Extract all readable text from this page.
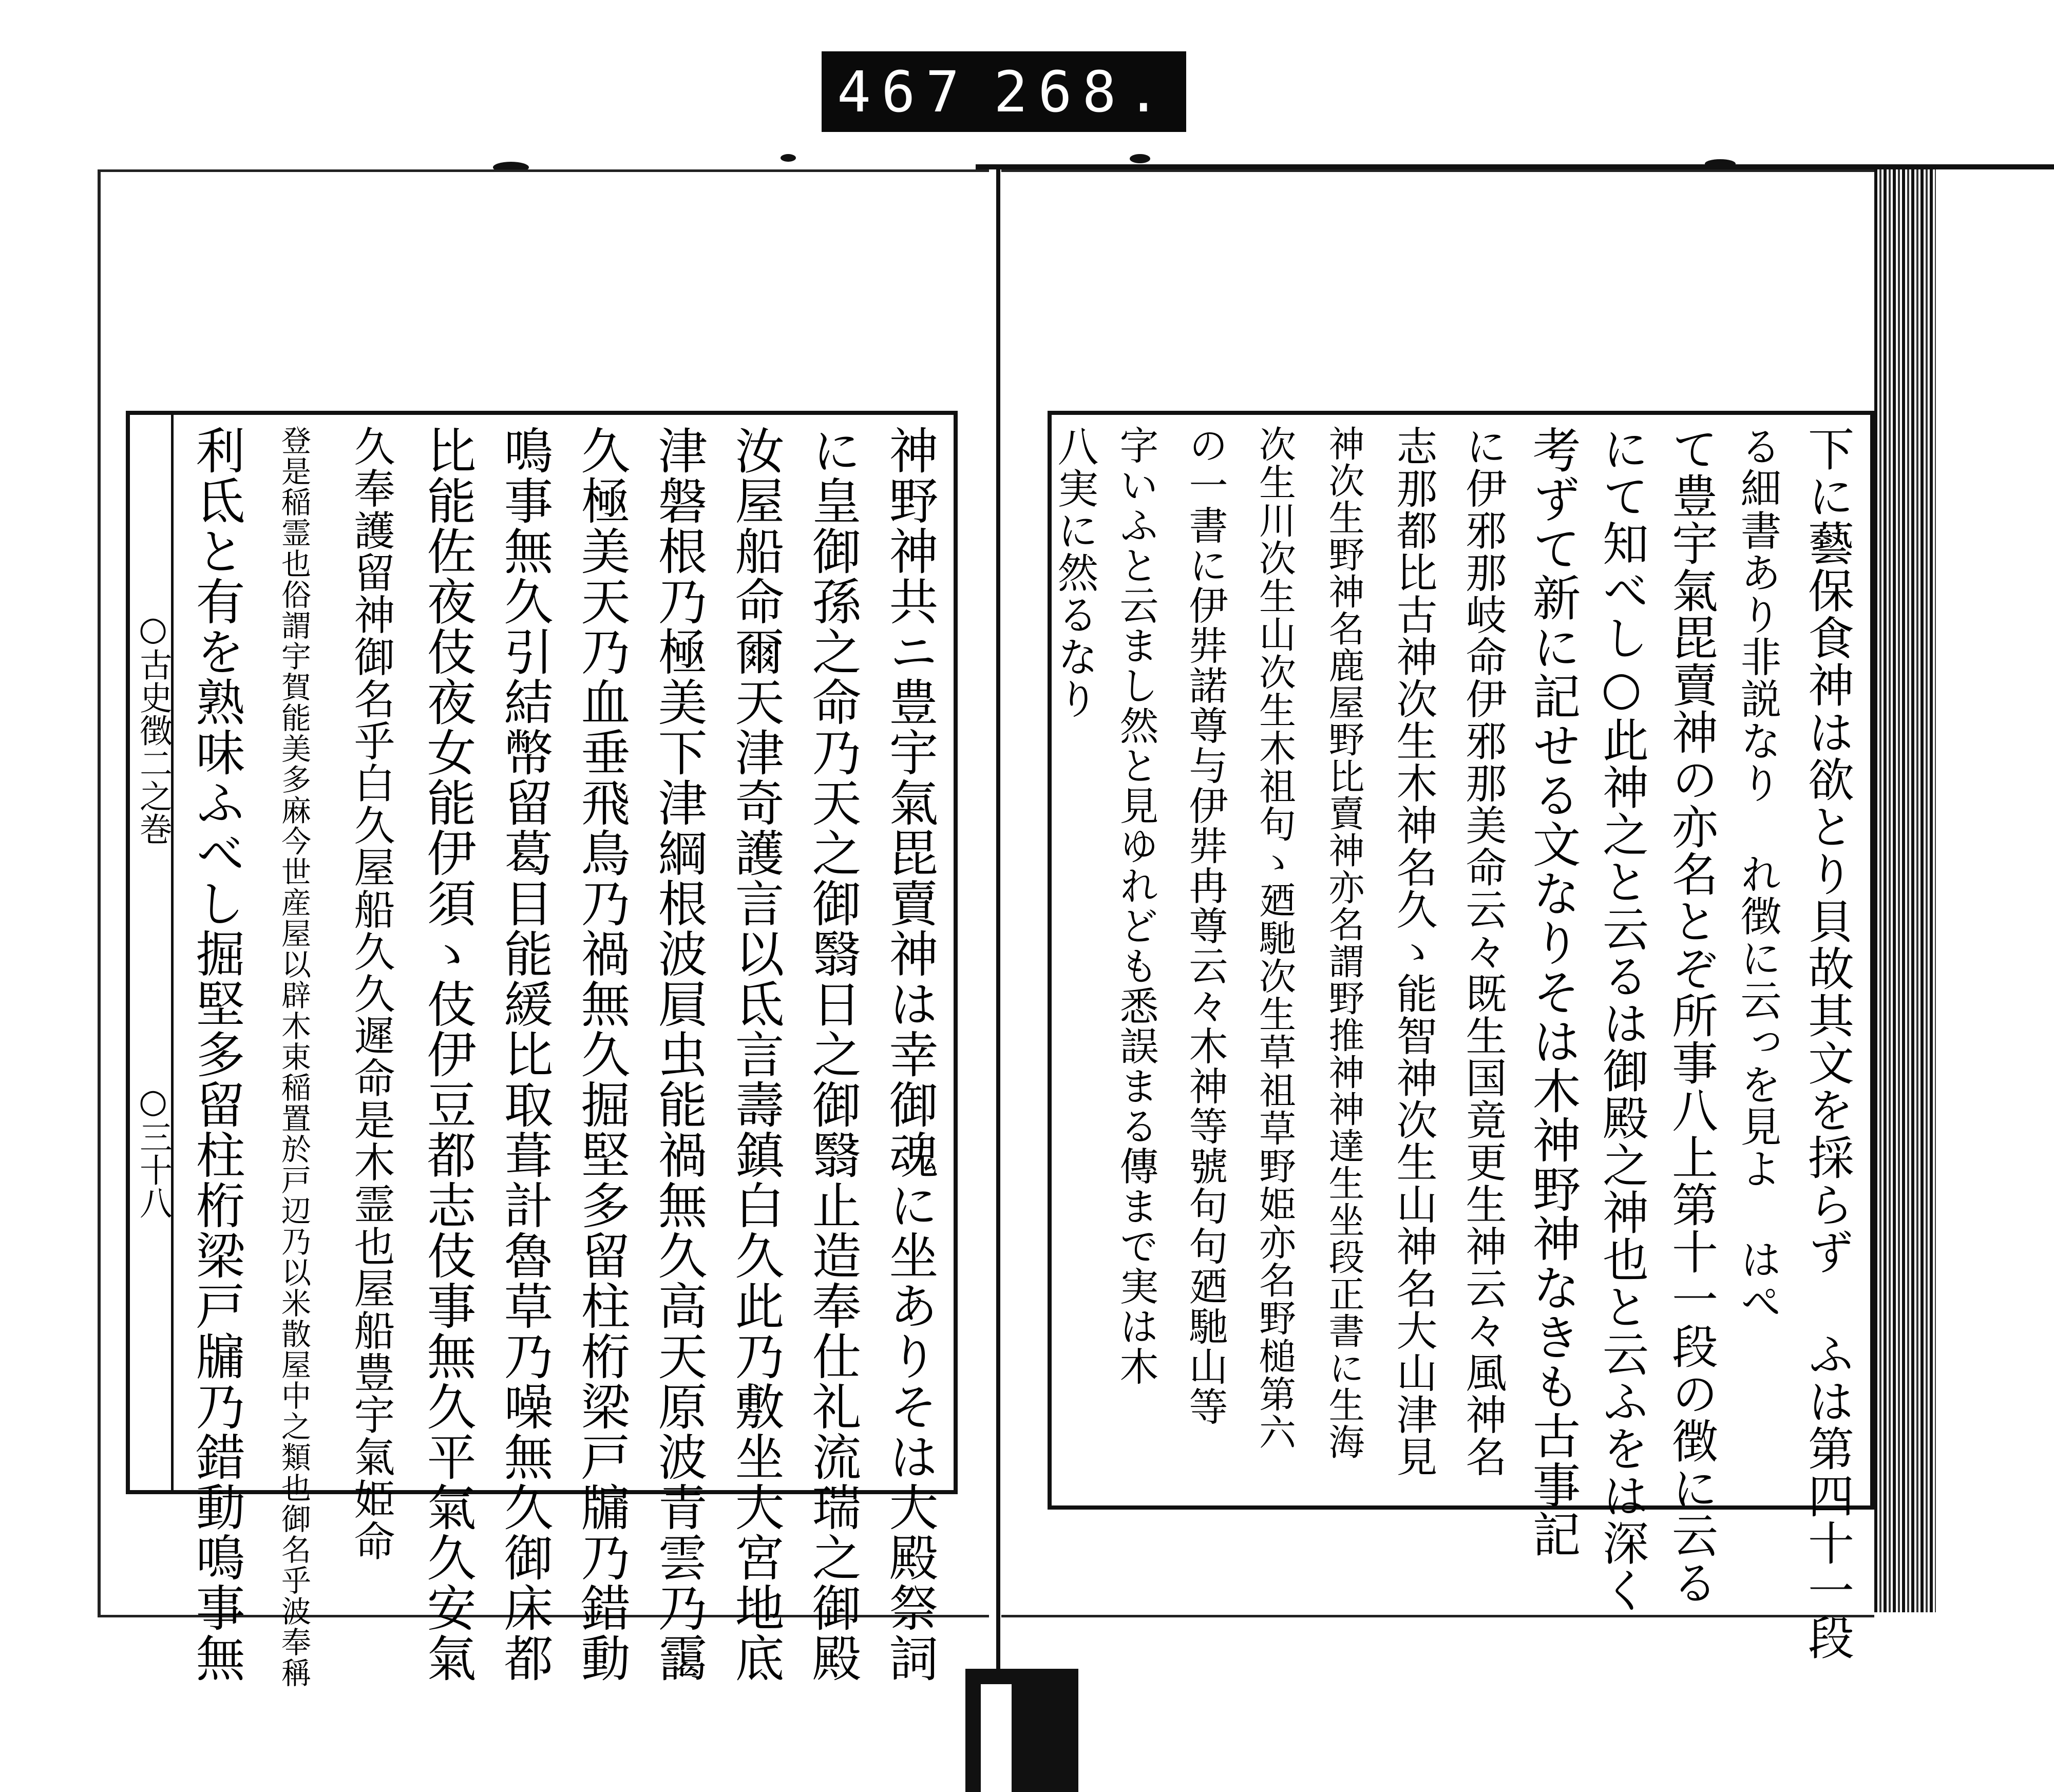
467 268.
神野神共ニ豊宇氣毘賣神は幸御魂に坐ありそは大殿祭詞
に皇御孫之命乃天之御翳日之御翳止造奉仕礼流瑞之御殿
汝屋船命爾天津奇護言以氐言壽鎮白久此乃敷坐大宮地底
津磐根乃極美下津綱根波屓虫能禍無久高天原波青雲乃靄
久極美天乃血垂飛鳥乃禍無久掘堅多留柱桁梁戸牖乃錯動
鳴事無久引結幣留葛目能緩比取葺計魯草乃噪無久御床都
比能佐夜伎夜女能伊須ゝ伎伊豆都志伎事無久平氣久安氣
久奉護留神御名乎白久屋船久久遲命是木霊也屋船豊宇氣姫命
登是稲霊也俗謂宇賀能美多麻今世産屋以辟木束稲置於戸辺乃以米散屋中之類也御名乎波奉稱
利氐と有を熟味ふべし掘堅多留柱桁梁戸牖乃錯動鳴事無
○古史徴二之巻
○三十八	下に藝保食神は欲とり貝故其文を採らず ふは第四十一段
る細書あり非説なり れ徴に云っを見よ はぺ
て豊宇氣毘賣神の亦名とぞ所事八上第十一段の徴に云る
にて知べし○此神之と云るは御殿之神也と云ふをは深く
考ずて新に記せる文なりそは木神野神なきも古事記
に伊邪那岐命伊邪那美命云々既生国竟更生神云々風神名
志那都比古神次生木神名久ゝ能智神次生山神名大山津見
神次生野神名鹿屋野比賣神亦名謂野推神神達生坐段正書に生海
次生川次生山次生木祖句ゝ廼馳次生草祖草野姫亦名野槌第六
の一書に伊弉諾尊与伊弉冉尊云々木神等號句句廼馳山等
字いふと云まし然と見ゆれども悉誤まる傳まで実は木
八実に然るなり
